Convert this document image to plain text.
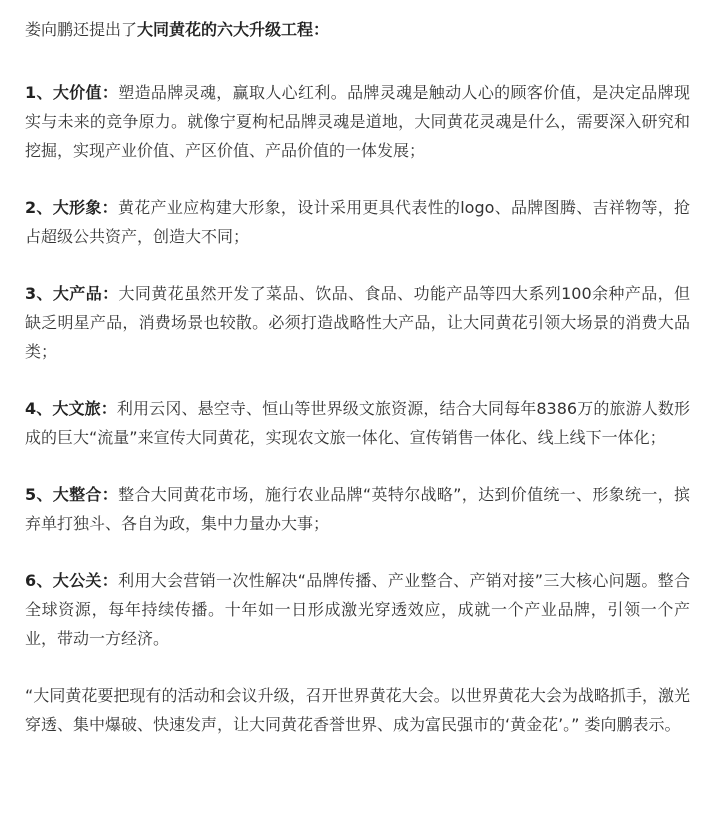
娄向鹏还提出了大同黄花的六大升级工程：

1、大价值：塑造品牌灵魂，赢取人心红利。品牌灵魂是触动人心的顾客价值，是决定品牌现实与未来的竞争原力。就像宁夏枸杞品牌灵魂是道地，大同黄花灵魂是什么，需要深入研究和挖掘，实现产业价值、产区价值、产品价值的一体发展；

2、大形象：黄花产业应构建大形象，设计采用更具代表性的logo、品牌图腾、吉祥物等，抢占超级公共资产，创造大不同；

3、大产品：大同黄花虽然开发了菜品、饮品、食品、功能产品等四大系列100余种产品，但缺乏明星产品，消费场景也较散。必须打造战略性大产品，让大同黄花引领大场景的消费大品类；

4、大文旅：利用云冈、悬空寺、恒山等世界级文旅资源，结合大同每年8386万的旅游人数形成的巨大“流量”来宣传大同黄花，实现农文旅一体化、宣传销售一体化、线上线下一体化；

5、大整合：整合大同黄花市场，施行农业品牌“英特尔战略”，达到价值统一、形象统一，摈弃单打独斗、各自为政，集中力量办大事；

6、大公关：利用大会营销一次性解决“品牌传播、产业整合、产销对接”三大核心问题。整合全球资源，每年持续传播。十年如一日形成激光穿透效应，成就一个产业品牌，引领一个产业，带动一方经济。

“大同黄花要把现有的活动和会议升级，召开世界黄花大会。以世界黄花大会为战略抓手，激光穿透、集中爆破、快速发声，让大同黄花香誉世界、成为富民强市的‘黄金花’。” 娄向鹏表示。
